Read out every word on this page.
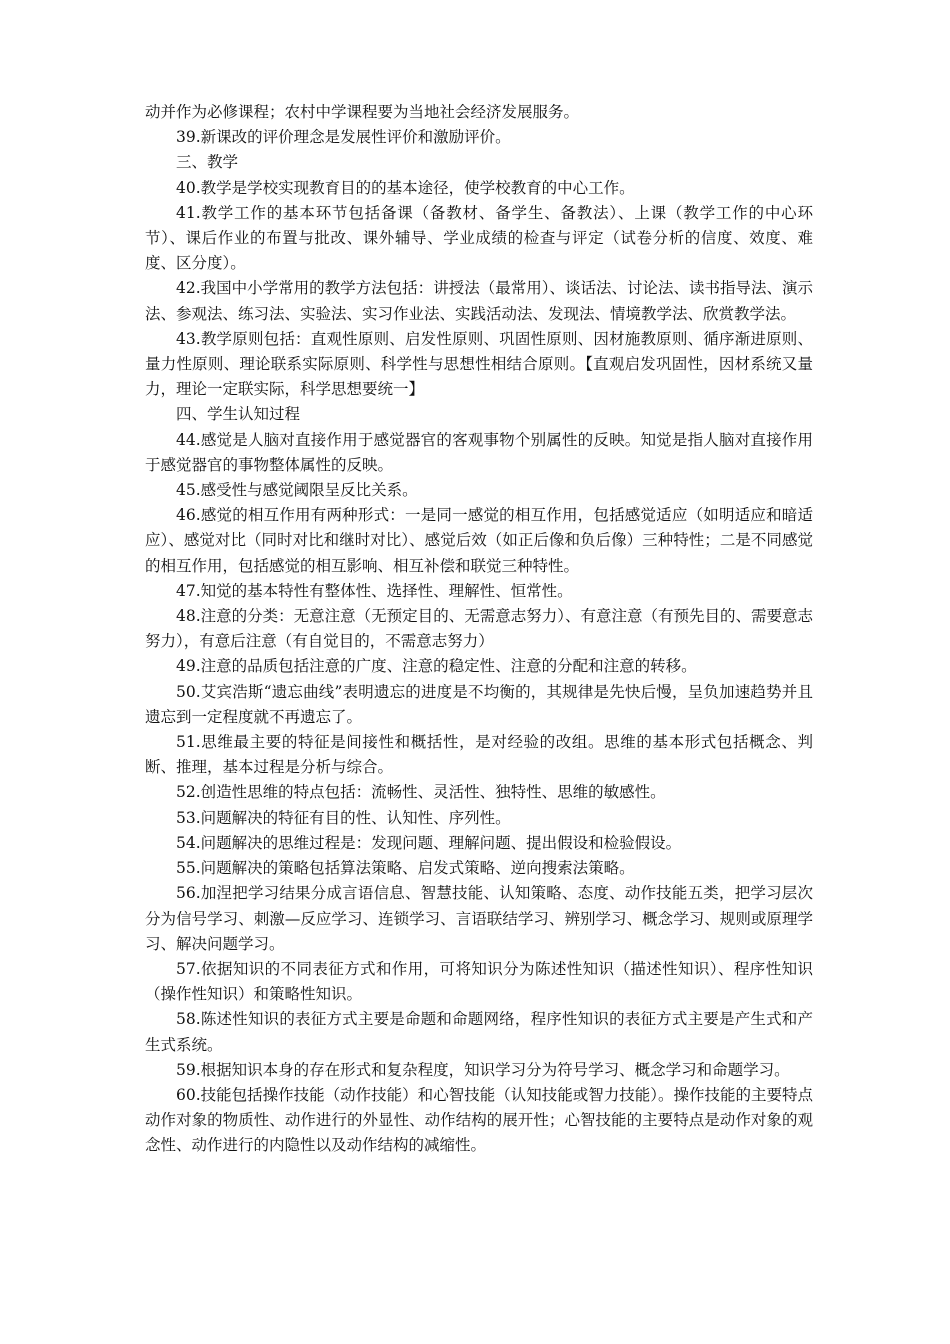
动并作为必修课程；农村中学课程要为当地社会经济发展服务。

39.新课改的评价理念是发展性评价和激励评价。

三、教学

40.教学是学校实现教育目的的基本途径，使学校教育的中心工作。

41.教学工作的基本环节包括备课（备教材、备学生、备教法）、上课（教学工作的中心环节）、课后作业的布置与批改、课外辅导、学业成绩的检查与评定（试卷分析的信度、效度、难度、区分度）。

42.我国中小学常用的教学方法包括：讲授法（最常用）、谈话法、讨论法、读书指导法、演示法、参观法、练习法、实验法、实习作业法、实践活动法、发现法、情境教学法、欣赏教学法。

43.教学原则包括：直观性原则、启发性原则、巩固性原则、因材施教原则、循序渐进原则、量力性原则、理论联系实际原则、科学性与思想性相结合原则。【直观启发巩固性，因材系统又量力，理论一定联实际，科学思想要统一】

四、学生认知过程

44.感觉是人脑对直接作用于感觉器官的客观事物个别属性的反映。知觉是指人脑对直接作用于感觉器官的事物整体属性的反映。

45.感受性与感觉阈限呈反比关系。

46.感觉的相互作用有两种形式：一是同一感觉的相互作用，包括感觉适应（如明适应和暗适应）、感觉对比（同时对比和继时对比）、感觉后效（如正后像和负后像）三种特性；二是不同感觉的相互作用，包括感觉的相互影响、相互补偿和联觉三种特性。

47.知觉的基本特性有整体性、选择性、理解性、恒常性。

48.注意的分类：无意注意（无预定目的、无需意志努力）、有意注意（有预先目的、需要意志努力），有意后注意（有自觉目的，不需意志努力）

49.注意的品质包括注意的广度、注意的稳定性、注意的分配和注意的转移。

50.艾宾浩斯“遗忘曲线”表明遗忘的进度是不均衡的，其规律是先快后慢，呈负加速趋势并且遗忘到一定程度就不再遗忘了。

51.思维最主要的特征是间接性和概括性，是对经验的改组。思维的基本形式包括概念、判断、推理，基本过程是分析与综合。

52.创造性思维的特点包括：流畅性、灵活性、独特性、思维的敏感性。

53.问题解决的特征有目的性、认知性、序列性。

54.问题解决的思维过程是：发现问题、理解问题、提出假设和检验假设。

55.问题解决的策略包括算法策略、启发式策略、逆向搜索法策略。

56.加涅把学习结果分成言语信息、智慧技能、认知策略、态度、动作技能五类，把学习层次分为信号学习、刺激—反应学习、连锁学习、言语联结学习、辨别学习、概念学习、规则或原理学习、解决问题学习。

57.依据知识的不同表征方式和作用，可将知识分为陈述性知识（描述性知识）、程序性知识（操作性知识）和策略性知识。

58.陈述性知识的表征方式主要是命题和命题网络，程序性知识的表征方式主要是产生式和产生式系统。

59.根据知识本身的存在形式和复杂程度，知识学习分为符号学习、概念学习和命题学习。

60.技能包括操作技能（动作技能）和心智技能（认知技能或智力技能）。操作技能的主要特点动作对象的物质性、动作进行的外显性、动作结构的展开性；心智技能的主要特点是动作对象的观念性、动作进行的内隐性以及动作结构的减缩性。
